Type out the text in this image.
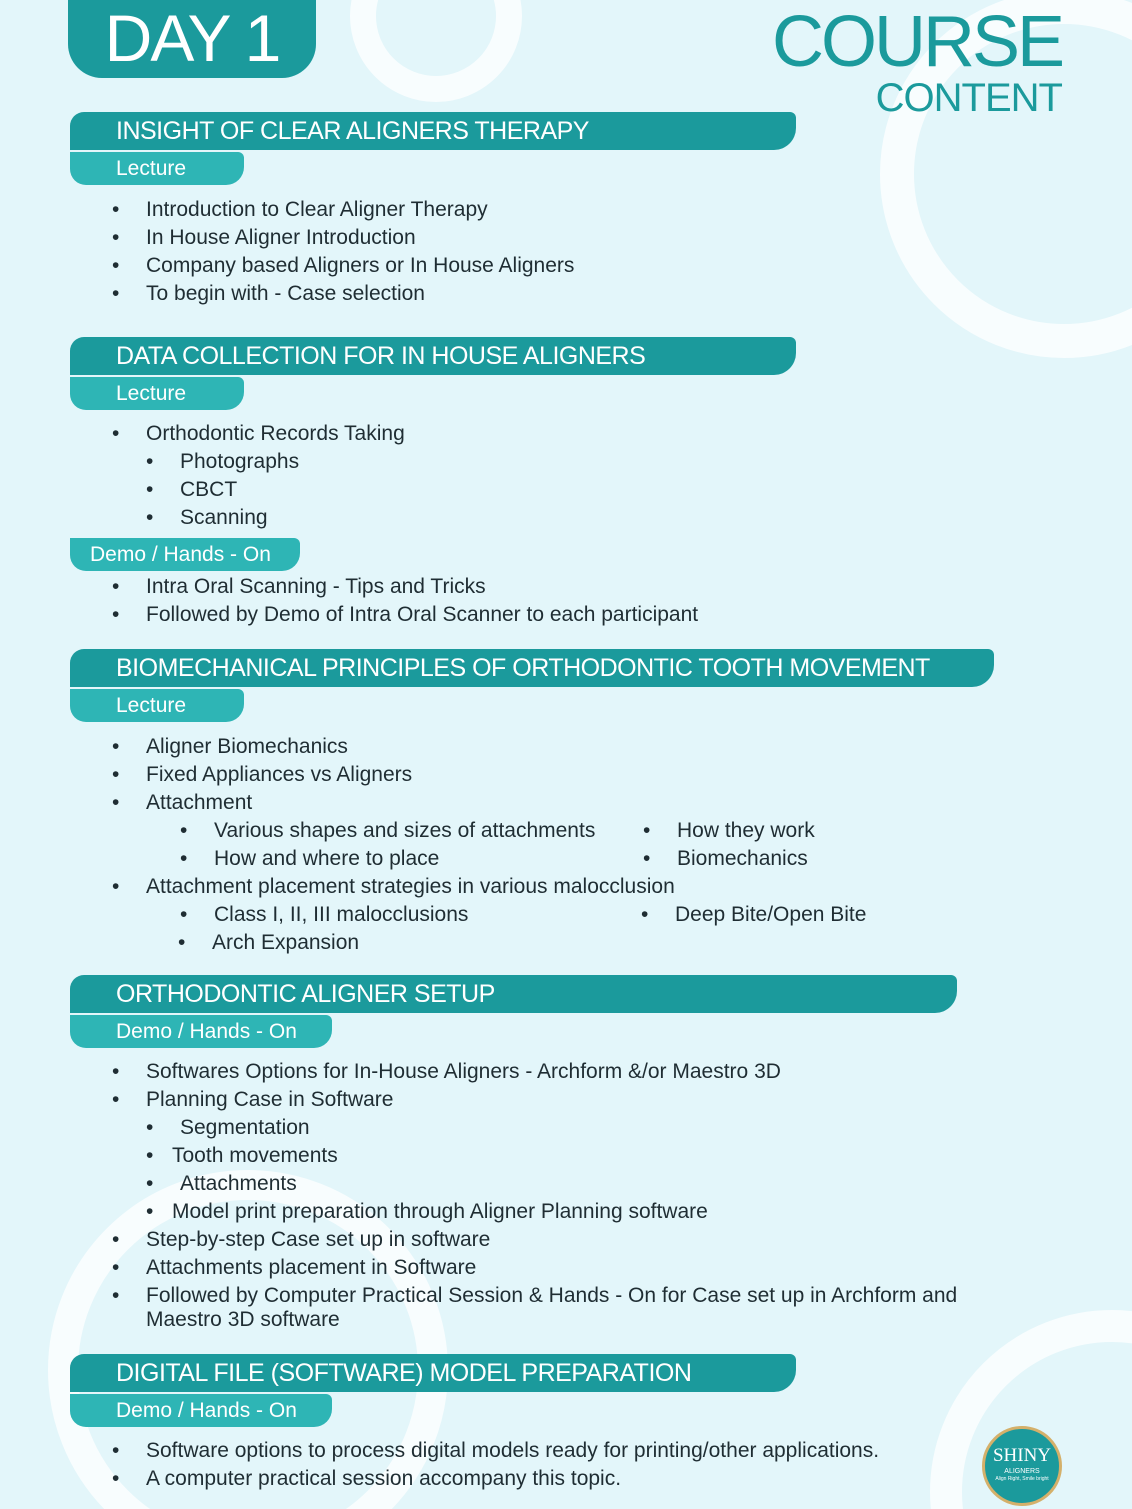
DAY 1	COURSE
CONTENT
INSIGHT OF CLEAR ALIGNERS THERAPY
Lecture
• Introduction to Clear Aligner Therapy
• In House Aligner Introduction
• Company based Aligners or In House Aligners
• To begin with - Case selection
DATA COLLECTION FOR IN HOUSE ALIGNERS
Lecture
• Orthodontic Records Taking
• Photographs
• CBCT
• Scanning
Demo / Hands - On
• Intra Oral Scanning - Tips and Tricks
• Followed by Demo of Intra Oral Scanner to each participant
BIOMECHANICAL PRINCIPLES OF ORTHODONTIC TOOTH MOVEMENT
Lecture
• Aligner Biomechanics
• Fixed Appliances vs Aligners
• Attachment
• Various shapes and sizes of attachments • How they work
• How and where to place	• Biomechanics
• Attachment placement strategies in various malocclusion
• Class I, II, III malocclusions	• Deep Bite/Open Bite
• Arch Expansion
ORTHODONTIC ALIGNER SETUP
Demo / Hands - On
• Softwares Options for In-House Aligners - Archform &/or Maestro 3D
• Planning Case in Software
• Segmentation
• Tooth movements
• Attachments
• Model print preparation through Aligner Planning software
• Step-by-step Case set up in software
• Attachments placement in Software
• Followed by Computer Practical Session & Hands - On for Case set up in Archform and
Maestro 3D software
DIGITAL FILE (SOFTWARE) MODEL PREPARATION
Demo / Hands - On
• Software options to process digital models ready for printing/other applications.
• A computer practical session accompany this topic.
SHINY
ALIGNERS
Align Right, Smile bright
